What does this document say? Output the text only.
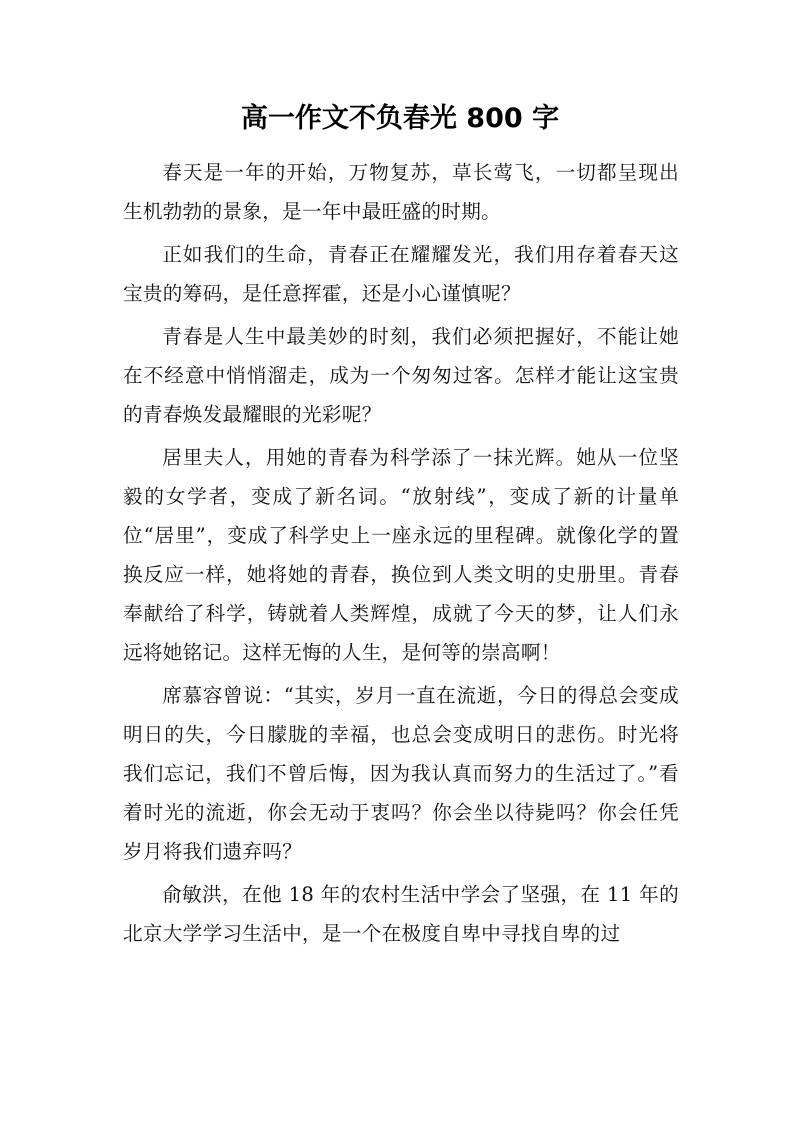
高一作文不负春光 800 字

春天是一年的开始，万物复苏，草长莺飞，一切都呈现出生机勃勃的景象，是一年中最旺盛的时期。

正如我们的生命，青春正在耀耀发光，我们用存着春天这宝贵的筹码，是任意挥霍，还是小心谨慎呢？

青春是人生中最美妙的时刻，我们必须把握好，不能让她在不经意中悄悄溜走，成为一个匆匆过客。怎样才能让这宝贵的青春焕发最耀眼的光彩呢？

居里夫人，用她的青春为科学添了一抹光辉。她从一位坚毅的女学者，变成了新名词。“放射线”，变成了新的计量单位“居里”，变成了科学史上一座永远的里程碑。就像化学的置换反应一样，她将她的青春，换位到人类文明的史册里。青春奉献给了科学，铸就着人类辉煌，成就了今天的梦，让人们永远将她铭记。这样无悔的人生，是何等的崇高啊！

席慕容曾说：“其实，岁月一直在流逝，今日的得总会变成明日的失，今日朦胧的幸福，也总会变成明日的悲伤。时光将我们忘记，我们不曾后悔，因为我认真而努力的生活过了。”看着时光的流逝，你会无动于衷吗？你会坐以待毙吗？你会任凭岁月将我们遗弃吗？

俞敏洪，在他 18 年的农村生活中学会了坚强，在 11 年的北京大学学习生活中，是一个在极度自卑中寻找自卑的过
